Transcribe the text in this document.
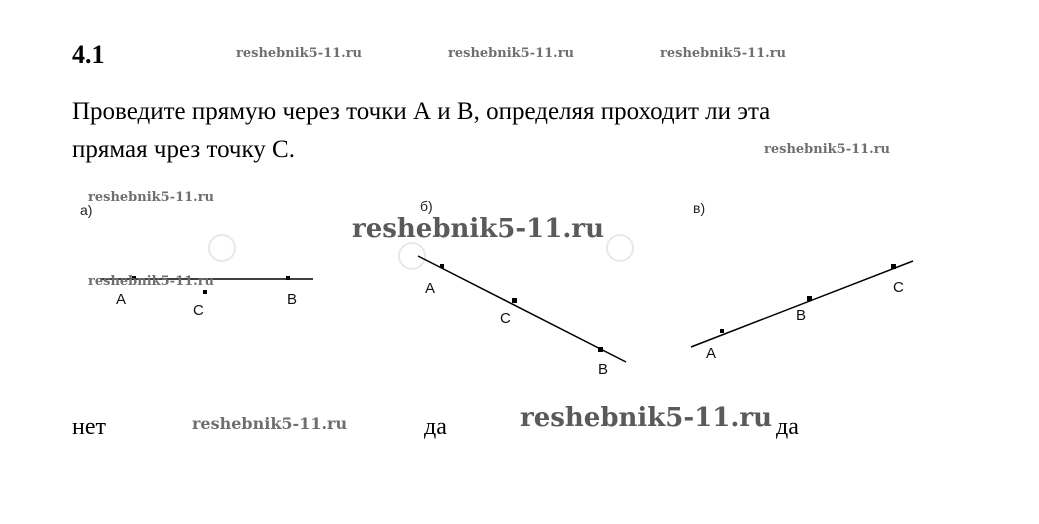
4.1	reshebnik5-11.ru	reshebnik5-11.ru	reshebnik5-11.ru
Проведите прямую через точки А и В, определяя проходит ли эта
прямая чрез точку С.	reshebnik5-11.ru
а)
reshebnik5-11.ru
reshebnik5-11.ru
А
С
В
б)
reshebnik5-11.ru
А
С
В
в)
А
В
С
нет	reshebnik5-11.ru	да	reshebnik5-11.ru да
